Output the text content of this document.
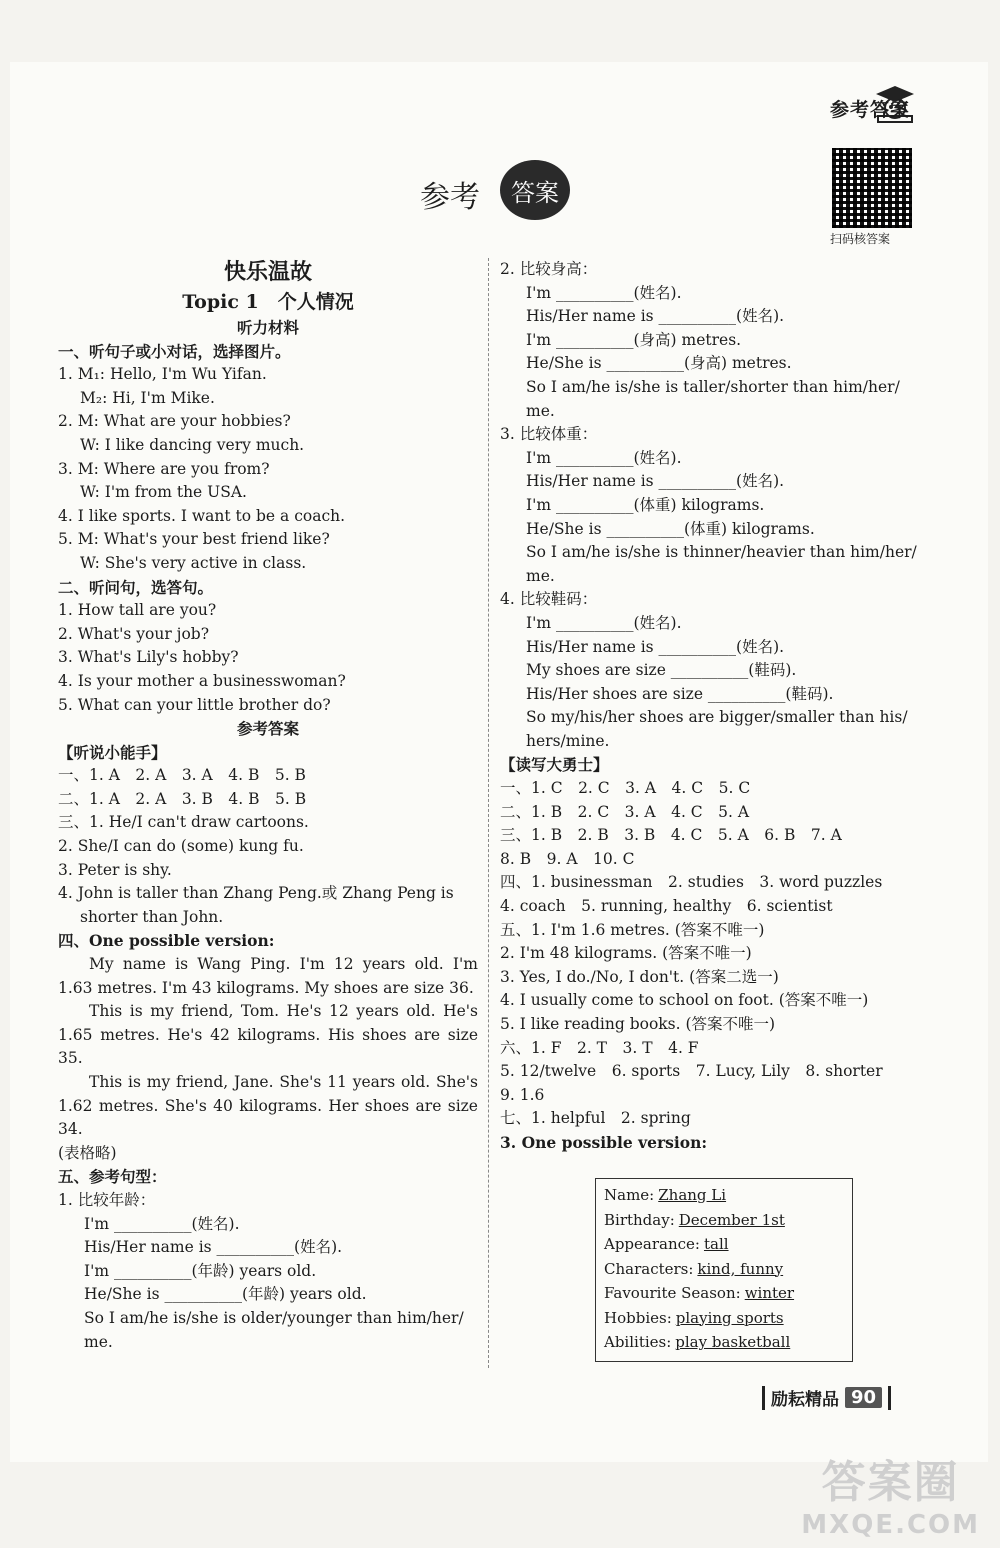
参考答案
参考	答案
扫码核答案
快乐温故
Topic 1　个人情况
听力材料
一、听句子或小对话，选择图片。
1. M₁: Hello, I'm Wu Yifan.
M₂: Hi, I'm Mike.
2. M: What are your hobbies?
W: I like dancing very much.
3. M: Where are you from?
W: I'm from the USA.
4. I like sports. I want to be a coach.
5. M: What's your best friend like?
W: She's very active in class.
二、听问句，选答句。
1. How tall are you?
2. What's your job?
3. What's Lily's hobby?
4. Is your mother a businesswoman?
5. What can your little brother do?
参考答案
【听说小能手】
一、1. A　2. A　3. A　4. B　5. B
二、1. A　2. A　3. B　4. B　5. B
三、1. He/I can't draw cartoons.
2. She/I can do (some) kung fu.
3. Peter is shy.
4. John is taller than Zhang Peng.或 Zhang Peng is
shorter than John.
四、One possible version:
My name is Wang Ping. I'm 12 years old. I'm 1.63 metres. I'm 43 kilograms. My shoes are size 36.
This is my friend, Tom. He's 12 years old. He's 1.65 metres. He's 42 kilograms. His shoes are size 35.
This is my friend, Jane. She's 11 years old. She's 1.62 metres. She's 40 kilograms. Her shoes are size 34.
(表格略)
五、参考句型：
1. 比较年龄：
I'm __________(姓名).
His/Her name is __________(姓名).
I'm __________(年龄) years old.
He/She is __________(年龄) years old.
So I am/he is/she is older/younger than him/her/ me.
2. 比较身高：
I'm __________(姓名).
His/Her name is __________(姓名).
I'm __________(身高) metres.
He/She is __________(身高) metres.
So I am/he is/she is taller/shorter than him/her/ me.
3. 比较体重：
I'm __________(姓名).
His/Her name is __________(姓名).
I'm __________(体重) kilograms.
He/She is __________(体重) kilograms.
So I am/he is/she is thinner/heavier than him/her/ me.
4. 比较鞋码：
I'm __________(姓名).
His/Her name is __________(姓名).
My shoes are size __________(鞋码).
His/Her shoes are size __________(鞋码).
So my/his/her shoes are bigger/smaller than his/ hers/mine.
【读写大勇士】
一、1. C　2. C　3. A　4. C　5. C
二、1. B　2. C　3. A　4. C　5. A
三、1. B　2. B　3. B　4. C　5. A　6. B　7. A
8. B　9. A　10. C
四、1. businessman　2. studies　3. word puzzles
4. coach　5. running, healthy　6. scientist
五、1. I'm 1.6 metres. (答案不唯一)
2. I'm 48 kilograms. (答案不唯一)
3. Yes, I do./No, I don't. (答案二选一)
4. I usually come to school on foot. (答案不唯一)
5. I like reading books. (答案不唯一)
六、1. F　2. T　3. T　4. F
5. 12/twelve　6. sports　7. Lucy, Lily　8. shorter
9. 1.6
七、1. helpful　2. spring
3. One possible version:
Name: Zhang Li
Birthday: December 1st
Appearance: tall
Characters: kind, funny
Favourite Season: winter
Hobbies: playing sports
Abilities: play basketball
励耘精品 90
答案圈
MXQE.COM
